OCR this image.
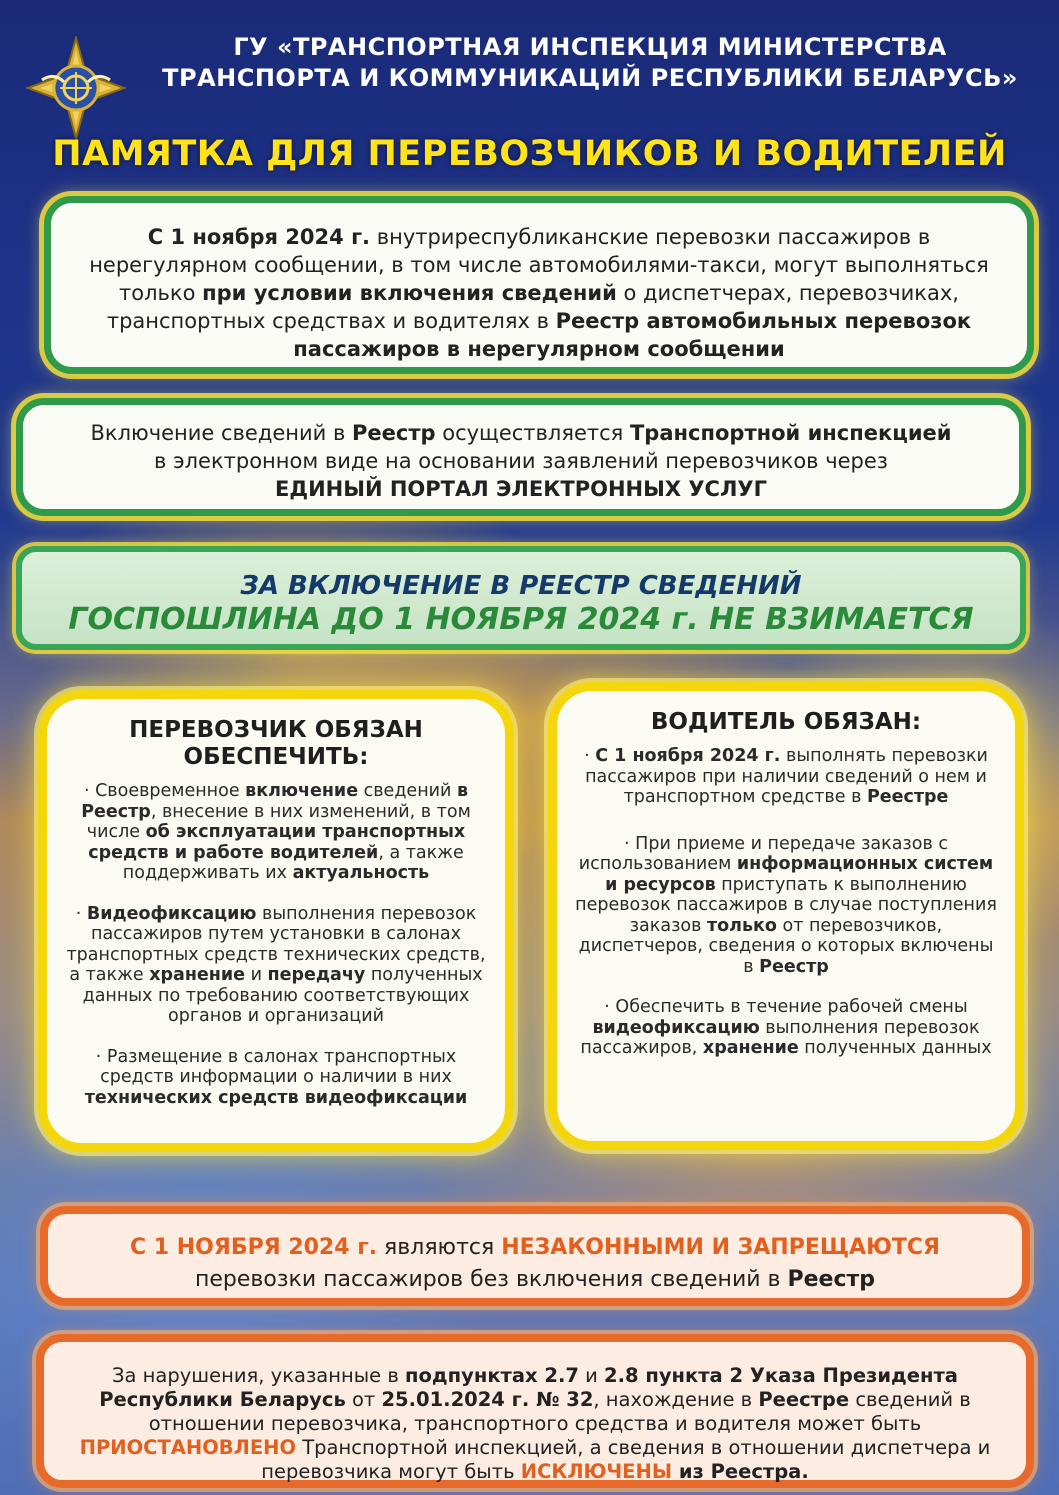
ГУ «ТРАНСПОРТНАЯ ИНСПЕКЦИЯ МИНИСТЕРСТВА
ТРАНСПОРТА И КОММУНИКАЦИЙ РЕСПУБЛИКИ БЕЛАРУСЬ»
ПАМЯТКА ДЛЯ ПЕРЕВОЗЧИКОВ И ВОДИТЕЛЕЙ
С 1 ноября 2024 г. внутриреспубликанские перевозки пассажиров в нерегулярном сообщении, в том числе автомобилями-такси, могут выполняться только при условии включения сведений о диспетчерах, перевозчиках, транспортных средствах и водителях в Реестр автомобильных перевозок пассажиров в нерегулярном сообщении
Включение сведений в Реестр осуществляется Транспортной инспекцией
в электронном виде на основании заявлений перевозчиков через
ЕДИНЫЙ ПОРТАЛ ЭЛЕКТРОННЫХ УСЛУГ
ЗА ВКЛЮЧЕНИЕ В РЕЕСТР СВЕДЕНИЙ
ГОСПОШЛИНА ДО 1 НОЯБРЯ 2024 г. НЕ ВЗИМАЕТСЯ
ПЕРЕВОЗЧИК ОБЯЗАН ОБЕСПЕЧИТЬ:
· Своевременное включение сведений в Реестр, внесение в них изменений, в том числе об эксплуатации транспортных средств и работе водителей, а также поддерживать их актуальность
· Видеофиксацию выполнения перевозок пассажиров путем установки в салонах транспортных средств технических средств, а также хранение и передачу полученных данных по требованию соответствующих органов и организаций
· Размещение в салонах транспортных средств информации о наличии в них технических средств видеофиксации
ВОДИТЕЛЬ ОБЯЗАН:
· С 1 ноября 2024 г. выполнять перевозки пассажиров при наличии сведений о нем и транспортном средстве в Реестре
· При приеме и передаче заказов с использованием информационных систем и ресурсов приступать к выполнению перевозок пассажиров в случае поступления заказов только от перевозчиков, диспетчеров, сведения о которых включены в Реестр
· Обеспечить в течение рабочей смены видеофиксацию выполнения перевозок пассажиров, хранение полученных данных
С 1 НОЯБРЯ 2024 г. являются НЕЗАКОННЫМИ И ЗАПРЕЩАЮТСЯ
перевозки пассажиров без включения сведений в Реестр
За нарушения, указанные в подпунктах 2.7 и 2.8 пункта 2 Указа Президента Республики Беларусь от 25.01.2024 г. № 32, нахождение в Реестре сведений в отношении перевозчика, транспортного средства и водителя может быть ПРИОСТАНОВЛЕНО Транспортной инспекцией, а сведения в отношении диспетчера и перевозчика могут быть ИСКЛЮЧЕНЫ из Реестра.
